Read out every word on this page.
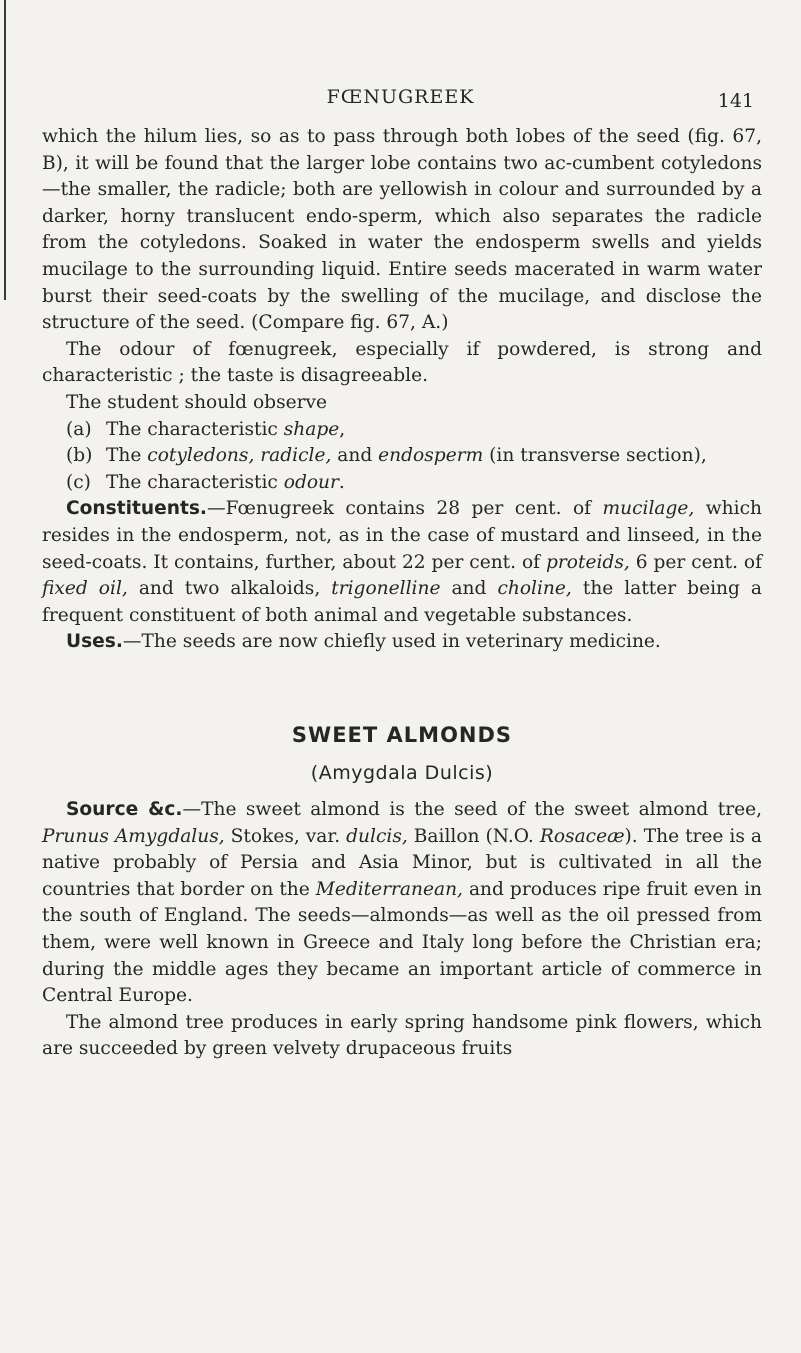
FŒNUGREEK	141

which the hilum lies, so as to pass through both lobes of the seed (fig. 67, B), it will be found that the larger lobe contains two ac-cumbent cotyledons—the smaller, the radicle; both are yellowish in colour and surrounded by a darker, horny translucent endo-sperm, which also separates the radicle from the cotyledons. Soaked in water the endosperm swells and yields mucilage to the surrounding liquid. Entire seeds macerated in warm water burst their seed-coats by the swelling of the mucilage, and disclose the structure of the seed. (Compare fig. 67, A.)

The odour of fœnugreek, especially if powdered, is strong and characteristic ; the taste is disagreeable.

The student should observe

(a) The characteristic shape,

(b) The cotyledons, radicle, and endosperm (in transverse section),

(c) The characteristic odour.

Constituents.—Fœnugreek contains 28 per cent. of mucilage, which resides in the endosperm, not, as in the case of mustard and linseed, in the seed-coats. It contains, further, about 22 per cent. of proteids, 6 per cent. of fixed oil, and two alkaloids, trigonelline and choline, the latter being a frequent constituent of both animal and vegetable substances.

Uses.—The seeds are now chiefly used in veterinary medicine.

SWEET ALMONDS

(Amygdala Dulcis)

Source &c.—The sweet almond is the seed of the sweet almond tree, Prunus Amygdalus, Stokes, var. dulcis, Baillon (N.O. Rosaceæ). The tree is a native probably of Persia and Asia Minor, but is cultivated in all the countries that border on the Mediterranean, and produces ripe fruit even in the south of England. The seeds—almonds—as well as the oil pressed from them, were well known in Greece and Italy long before the Christian era; during the middle ages they became an important article of commerce in Central Europe.

The almond tree produces in early spring handsome pink flowers, which are succeeded by green velvety drupaceous fruits
